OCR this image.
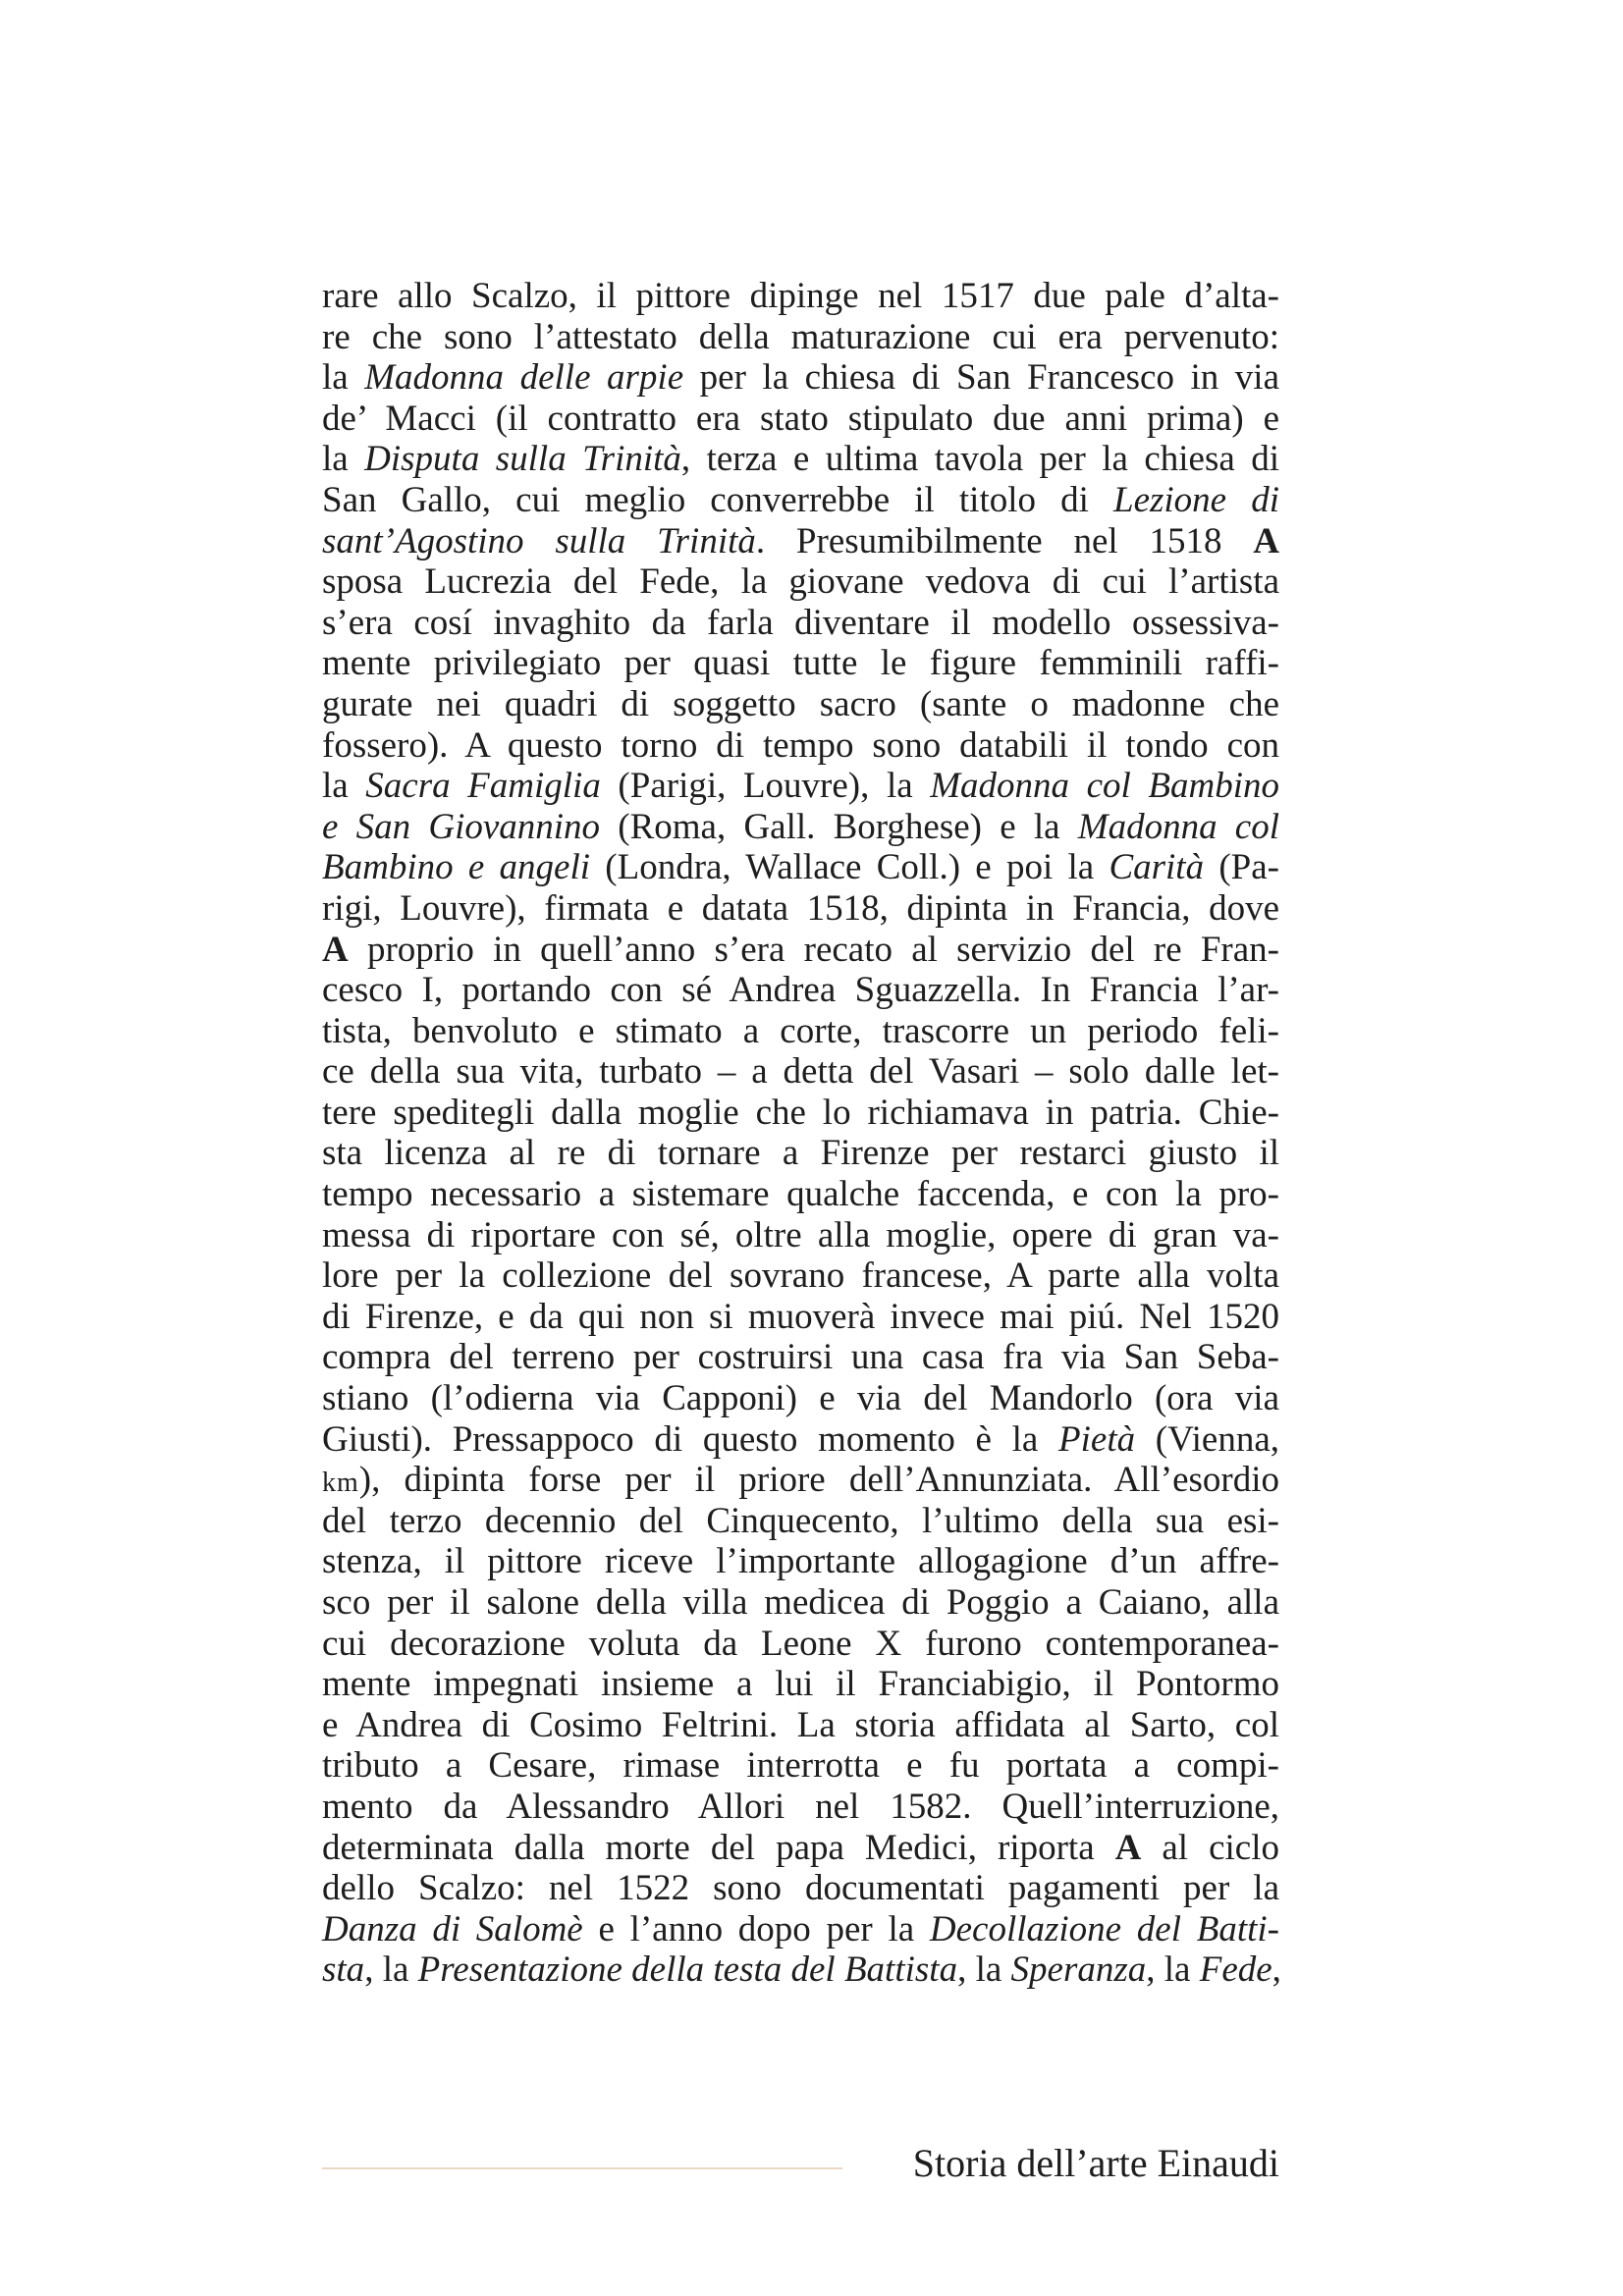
rare allo Scalzo, il pittore dipinge nel 1517 due pale d’alta-
re che sono l’attestato della maturazione cui era pervenuto:
la Madonna delle arpie per la chiesa di San Francesco in via
de’ Macci (il contratto era stato stipulato due anni prima) e
la Disputa sulla Trinità, terza e ultima tavola per la chiesa di
San Gallo, cui meglio converrebbe il titolo di Lezione di
sant’Agostino sulla Trinità. Presumibilmente nel 1518 A
sposa Lucrezia del Fede, la giovane vedova di cui l’artista
s’era cosí invaghito da farla diventare il modello ossessiva-
mente privilegiato per quasi tutte le figure femminili raffi-
gurate nei quadri di soggetto sacro (sante o madonne che
fossero). A questo torno di tempo sono databili il tondo con
la Sacra Famiglia (Parigi, Louvre), la Madonna col Bambino
e San Giovannino (Roma, Gall. Borghese) e la Madonna col
Bambino e angeli (Londra, Wallace Coll.) e poi la Carità (Pa-
rigi, Louvre), firmata e datata 1518, dipinta in Francia, dove
A proprio in quell’anno s’era recato al servizio del re Fran-
cesco I, portando con sé Andrea Sguazzella. In Francia l’ar-
tista, benvoluto e stimato a corte, trascorre un periodo feli-
ce della sua vita, turbato – a detta del Vasari – solo dalle let-
tere speditegli dalla moglie che lo richiamava in patria. Chie-
sta licenza al re di tornare a Firenze per restarci giusto il
tempo necessario a sistemare qualche faccenda, e con la pro-
messa di riportare con sé, oltre alla moglie, opere di gran va-
lore per la collezione del sovrano francese, A parte alla volta
di Firenze, e da qui non si muoverà invece mai piú. Nel 1520
compra del terreno per costruirsi una casa fra via San Seba-
stiano (l’odierna via Capponi) e via del Mandorlo (ora via
Giusti). Pressappoco di questo momento è la Pietà (Vienna,
km), dipinta forse per il priore dell’Annunziata. All’esordio
del terzo decennio del Cinquecento, l’ultimo della sua esi-
stenza, il pittore riceve l’importante allogagione d’un affre-
sco per il salone della villa medicea di Poggio a Caiano, alla
cui decorazione voluta da Leone X furono contemporanea-
mente impegnati insieme a lui il Franciabigio, il Pontormo
e Andrea di Cosimo Feltrini. La storia affidata al Sarto, col
tributo a Cesare, rimase interrotta e fu portata a compi-
mento da Alessandro Allori nel 1582. Quell’interruzione,
determinata dalla morte del papa Medici, riporta A al ciclo
dello Scalzo: nel 1522 sono documentati pagamenti per la
Danza di Salomè e l’anno dopo per la Decollazione del Batti-
sta, la Presentazione della testa del Battista, la Speranza, la Fede,
Storia dell’arte Einaudi
